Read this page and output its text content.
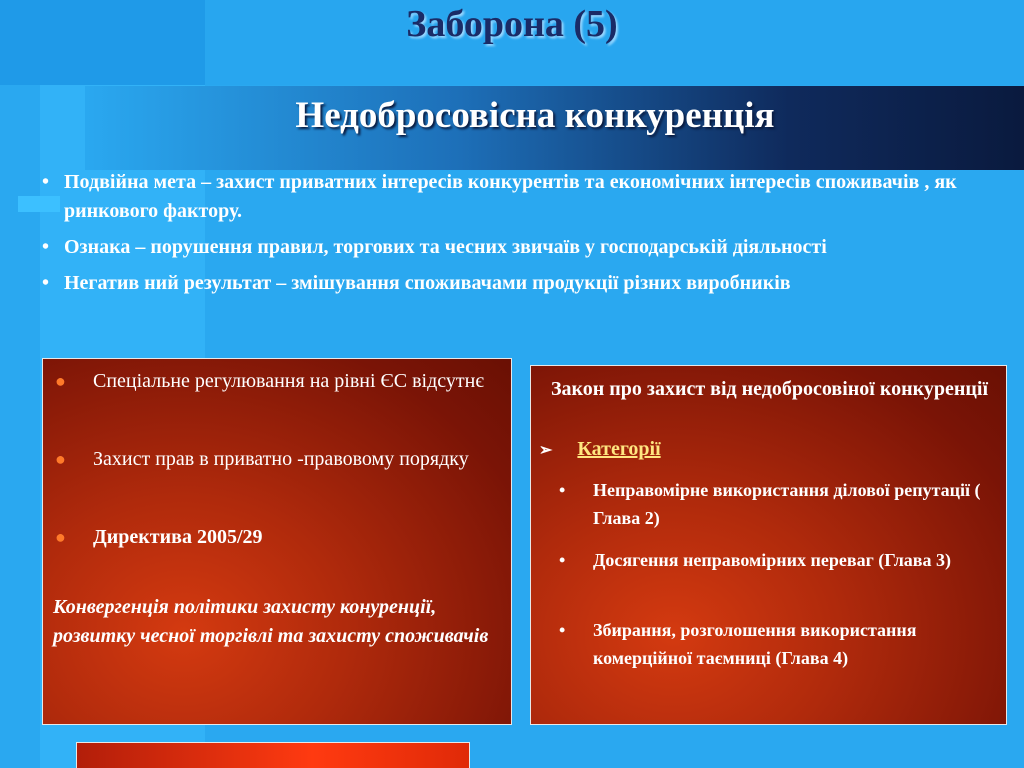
Заборона (5)
Недобросовісна конкуренція
• Подвійна мета – захист приватних інтересів конкурентів та економічних інтересів споживачів , як ринкового фактору.
• Ознака – порушення правил, торгових та чесних звичаїв у господарській діяльності
• Негатив ний результат – змішування споживачами продукції різних виробників
●	Спеціальне регулювання на рівні ЄС відсутнє
●	Захист прав в приватно -правовому порядку
●	Директива 2005/29
Конвергенція політики захисту конуренції, розвитку чесної торгівлі та захисту споживачів
Закон про захист від недобросовіної конкуренції
➢ Категорії
•	Неправомірне використання ділової репутації ( Глава 2)
•	Досягення неправомірних переваг (Глава 3)
•	Збирання, розголошення використання комерційної таємниці (Глава 4)
